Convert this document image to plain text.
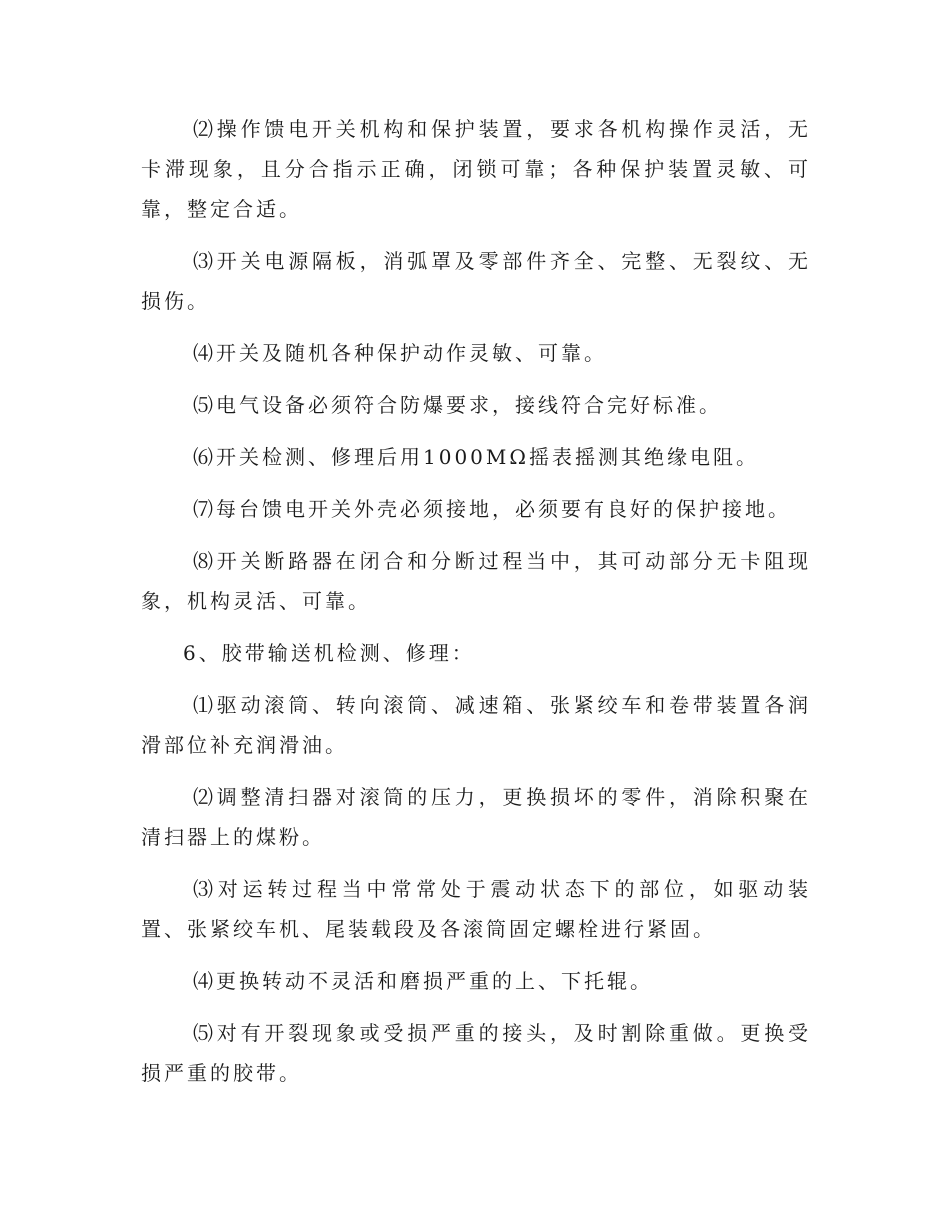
⑵操作馈电开关机构和保护装置，要求各机构操作灵活，无卡滞现象，且分合指示正确，闭锁可靠；各种保护装置灵敏、可靠，整定合适。

⑶开关电源隔板，消弧罩及零部件齐全、完整、无裂纹、无损伤。

⑷开关及随机各种保护动作灵敏、可靠。

⑸电气设备必须符合防爆要求，接线符合完好标准。

⑹开关检测、修理后用1000MΩ摇表摇测其绝缘电阻。

⑺每台馈电开关外壳必须接地，必须要有良好的保护接地。

⑻开关断路器在闭合和分断过程当中，其可动部分无卡阻现象，机构灵活、可靠。

6、胶带输送机检测、修理：

⑴驱动滚筒、转向滚筒、减速箱、张紧绞车和卷带装置各润滑部位补充润滑油。

⑵调整清扫器对滚筒的压力，更换损坏的零件，消除积聚在清扫器上的煤粉。

⑶对运转过程当中常常处于震动状态下的部位，如驱动装置、张紧绞车机、尾装载段及各滚筒固定螺栓进行紧固。

⑷更换转动不灵活和磨损严重的上、下托辊。

⑸对有开裂现象或受损严重的接头，及时割除重做。更换受损严重的胶带。
